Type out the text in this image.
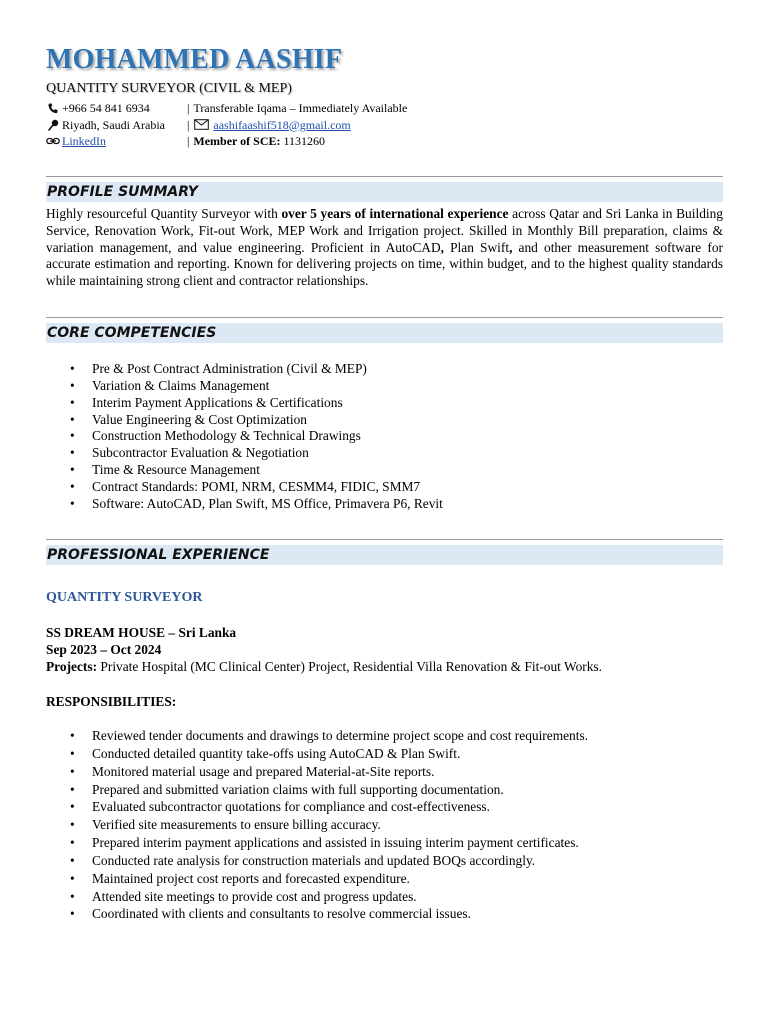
MOHAMMED AASHIF
QUANTITY SURVEYOR (CIVIL & MEP)
+966 54 841 6934
Riyadh, Saudi Arabia
LinkedIn
| Transferable Iqama – Immediately Available
| aashifaashif518@gmail.com
| Member of SCE: 1131260
PROFILE SUMMARY

Highly resourceful Quantity Surveyor with over 5 years of international experience across Qatar and Sri Lanka in Building Service, Renovation Work, Fit-out Work, MEP Work and Irrigation project. Skilled in Monthly Bill preparation, claims & variation management, and value engineering. Proficient in AutoCAD, Plan Swift, and other measurement software for accurate estimation and reporting. Known for delivering projects on time, within budget, and to the highest quality standards while maintaining strong client and contractor relationships.

CORE COMPETENCIES
• Pre & Post Contract Administration (Civil & MEP)
• Variation & Claims Management
• Interim Payment Applications & Certifications
• Value Engineering & Cost Optimization
• Construction Methodology & Technical Drawings
• Subcontractor Evaluation & Negotiation
• Time & Resource Management
• Contract Standards: POMI, NRM, CESMM4, FIDIC, SMM7
• Software: AutoCAD, Plan Swift, MS Office, Primavera P6, Revit
PROFESSIONAL EXPERIENCE
QUANTITY SURVEYOR
SS DREAM HOUSE – Sri Lanka
Sep 2023 – Oct 2024
Projects: Private Hospital (MC Clinical Center) Project, Residential Villa Renovation & Fit-out Works.
RESPONSIBILITIES:
• Reviewed tender documents and drawings to determine project scope and cost requirements.
• Conducted detailed quantity take-offs using AutoCAD & Plan Swift.
• Monitored material usage and prepared Material-at-Site reports.
• Prepared and submitted variation claims with full supporting documentation.
• Evaluated subcontractor quotations for compliance and cost-effectiveness.
• Verified site measurements to ensure billing accuracy.
• Prepared interim payment applications and assisted in issuing interim payment certificates.
• Conducted rate analysis for construction materials and updated BOQs accordingly.
• Maintained project cost reports and forecasted expenditure.
• Attended site meetings to provide cost and progress updates.
• Coordinated with clients and consultants to resolve commercial issues.
